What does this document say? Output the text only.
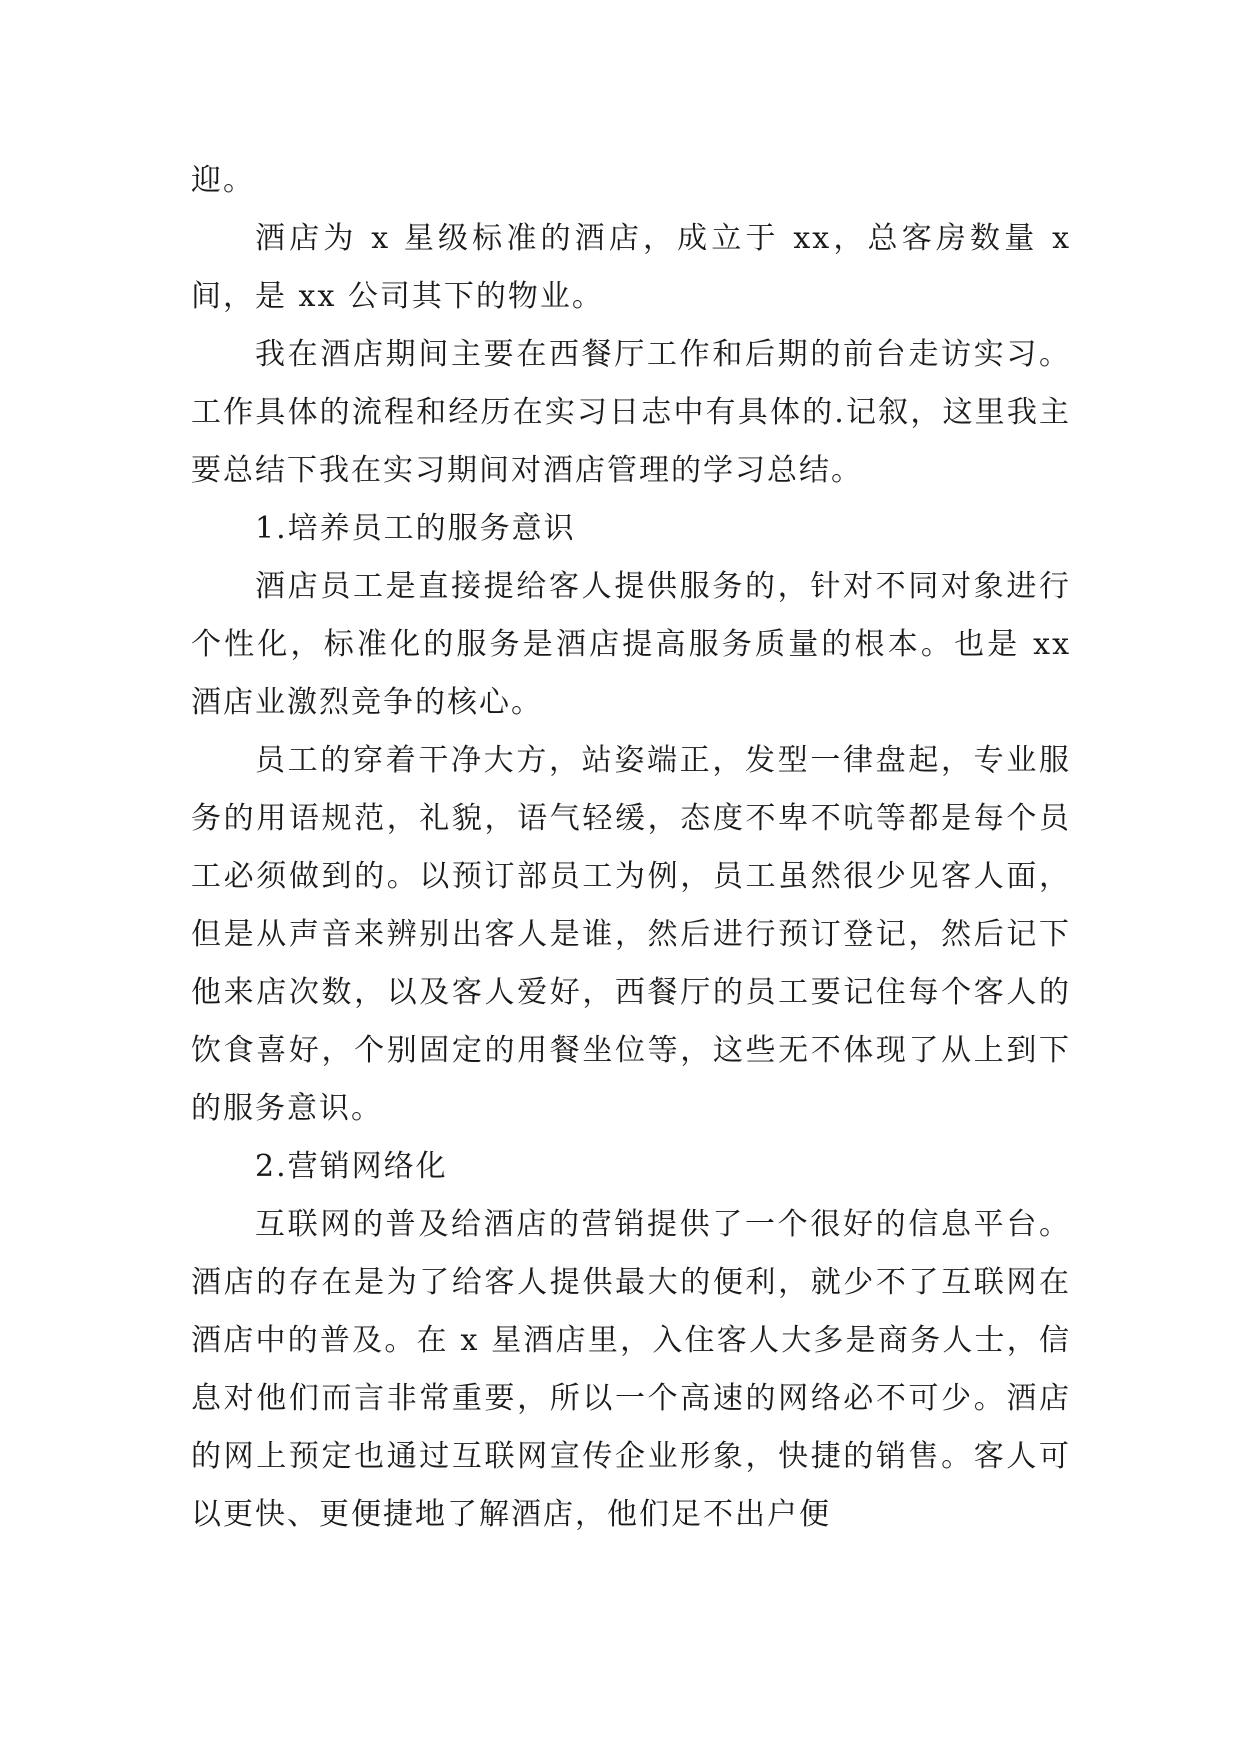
迎。

酒店为 x 星级标准的酒店，成立于 xx，总客房数量 x 间，是 xx 公司其下的物业。

我在酒店期间主要在西餐厅工作和后期的前台走访实习。工作具体的流程和经历在实习日志中有具体的.记叙，这里我主要总结下我在实习期间对酒店管理的学习总结。

1.培养员工的服务意识

酒店员工是直接提给客人提供服务的，针对不同对象进行个性化，标准化的服务是酒店提高服务质量的根本。也是 xx 酒店业激烈竞争的核心。

员工的穿着干净大方，站姿端正，发型一律盘起，专业服务的用语规范，礼貌，语气轻缓，态度不卑不吭等都是每个员工必须做到的。以预订部员工为例，员工虽然很少见客人面，但是从声音来辨别出客人是谁，然后进行预订登记，然后记下他来店次数，以及客人爱好，西餐厅的员工要记住每个客人的饮食喜好，个别固定的用餐坐位等，这些无不体现了从上到下的服务意识。

2.营销网络化

互联网的普及给酒店的营销提供了一个很好的信息平台。酒店的存在是为了给客人提供最大的便利，就少不了互联网在酒店中的普及。在 x 星酒店里，入住客人大多是商务人士，信息对他们而言非常重要，所以一个高速的网络必不可少。酒店的网上预定也通过互联网宣传企业形象，快捷的销售。客人可以更快、更便捷地了解酒店，他们足不出户便
